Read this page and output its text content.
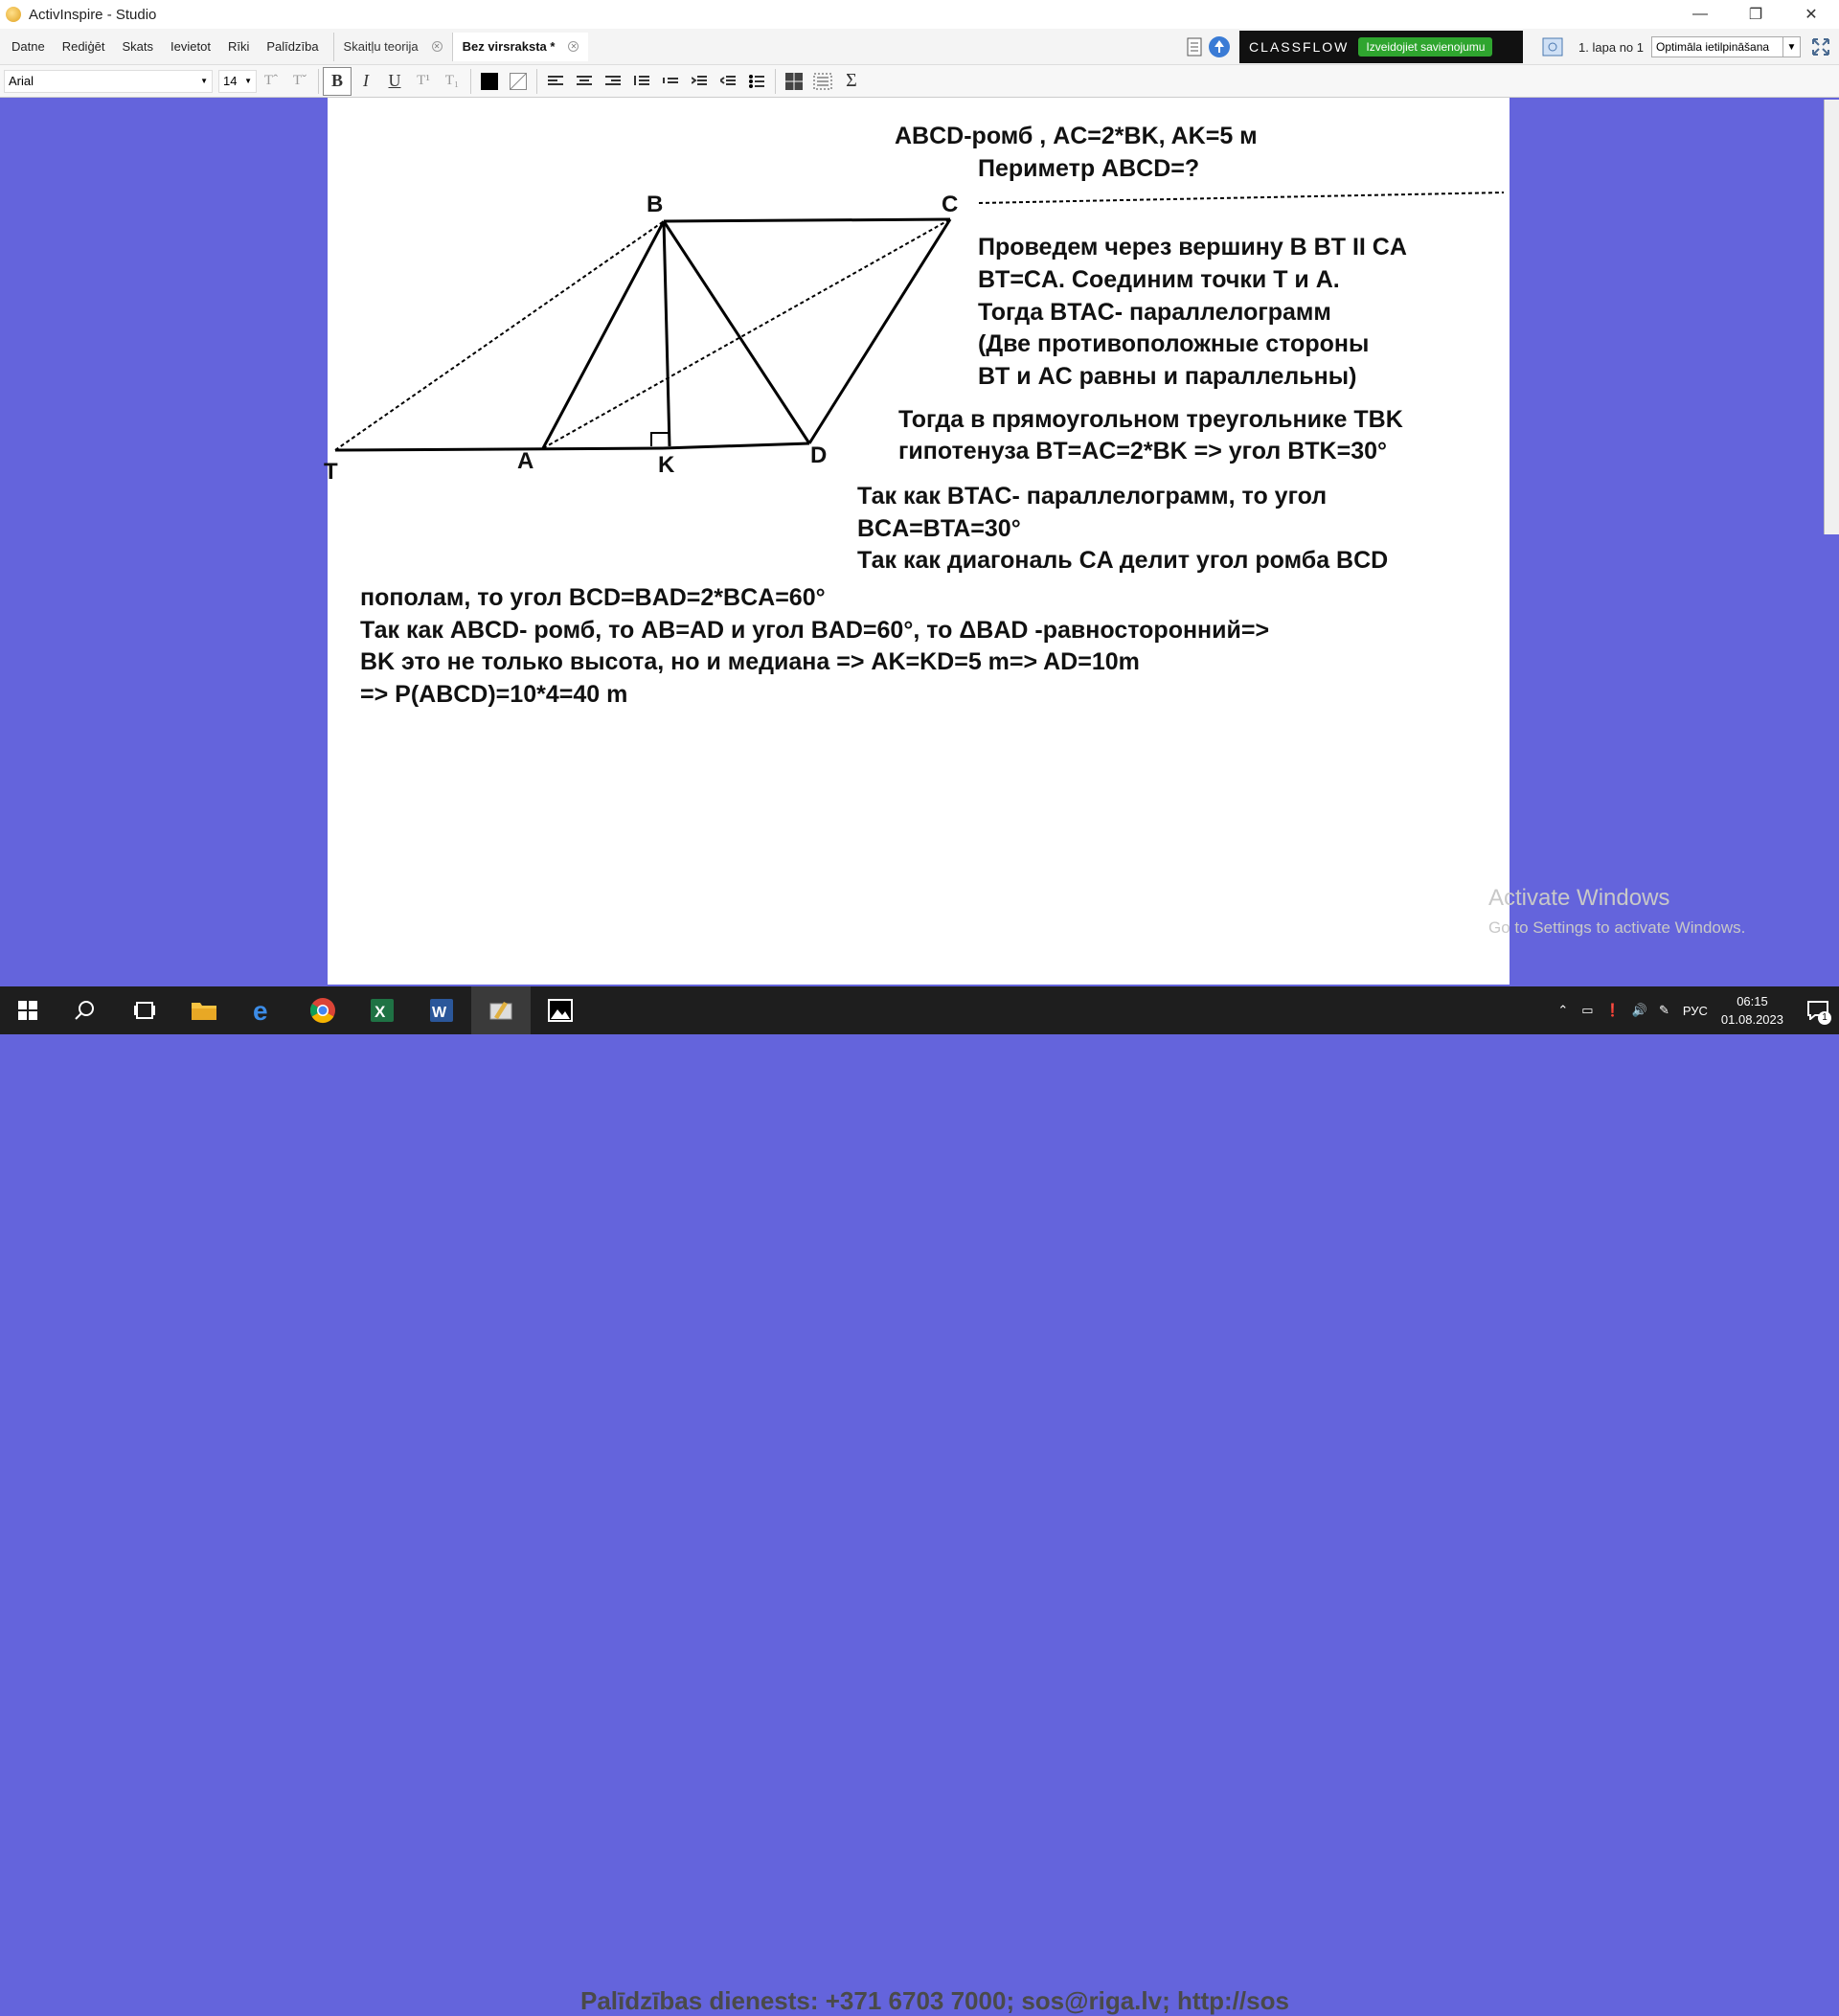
ActivInspire - Studio	—	❐	✕
Datne	Rediģēt	Skats	Ievietot	Rīki	Palīdzība	Skaitļu teorija ✕ Bez virsraksta * ✕	CLASSFLOW	Izveidojiet savienojumu	1. lapa no 1 Optimāla ietilpināšana	▼
Arial	▼ 14 ▼ Tˆ	Tˇ	B	I	U	T¹	T₁	Σ
B	C
T	A	K	D
ABCD-ромб , AC=2*BK, AK=5 м
Периметр ABCD=?
Проведем через вершину B BT II CA
BT=CA. Соединим точки T и A.
Тогда BTAC- параллелограмм
(Две противоположные стороны
BT и AC равны и параллельны)
Тогда в прямоугольном треугольнике TBK
гипотенуза BT=AC=2*BK => угол BTK=30°
Так как BTAC- параллелограмм, то угол
BCA=BTA=30°
Так как диагональ CA делит угол ромба BCD
пополам, то угол BCD=BAD=2*BCA=60°
Так как ABCD- ромб, то AB=AD и угол BAD=60°, то ΔBAD -равносторонний=>
BK это не только высота, но и медиана => AK=KD=5 m=> AD=10m
=> P(ABCD)=10*4=40 m
Activate Windows
Go to Settings to activate Windows.
Palīdzības dienests: +371 6703 7000; sos@riga.lv; http://sos
e	X	W	⌃ ▭ ❗ 🔊 ✎ РУС
06:15
01.08.2023	1
